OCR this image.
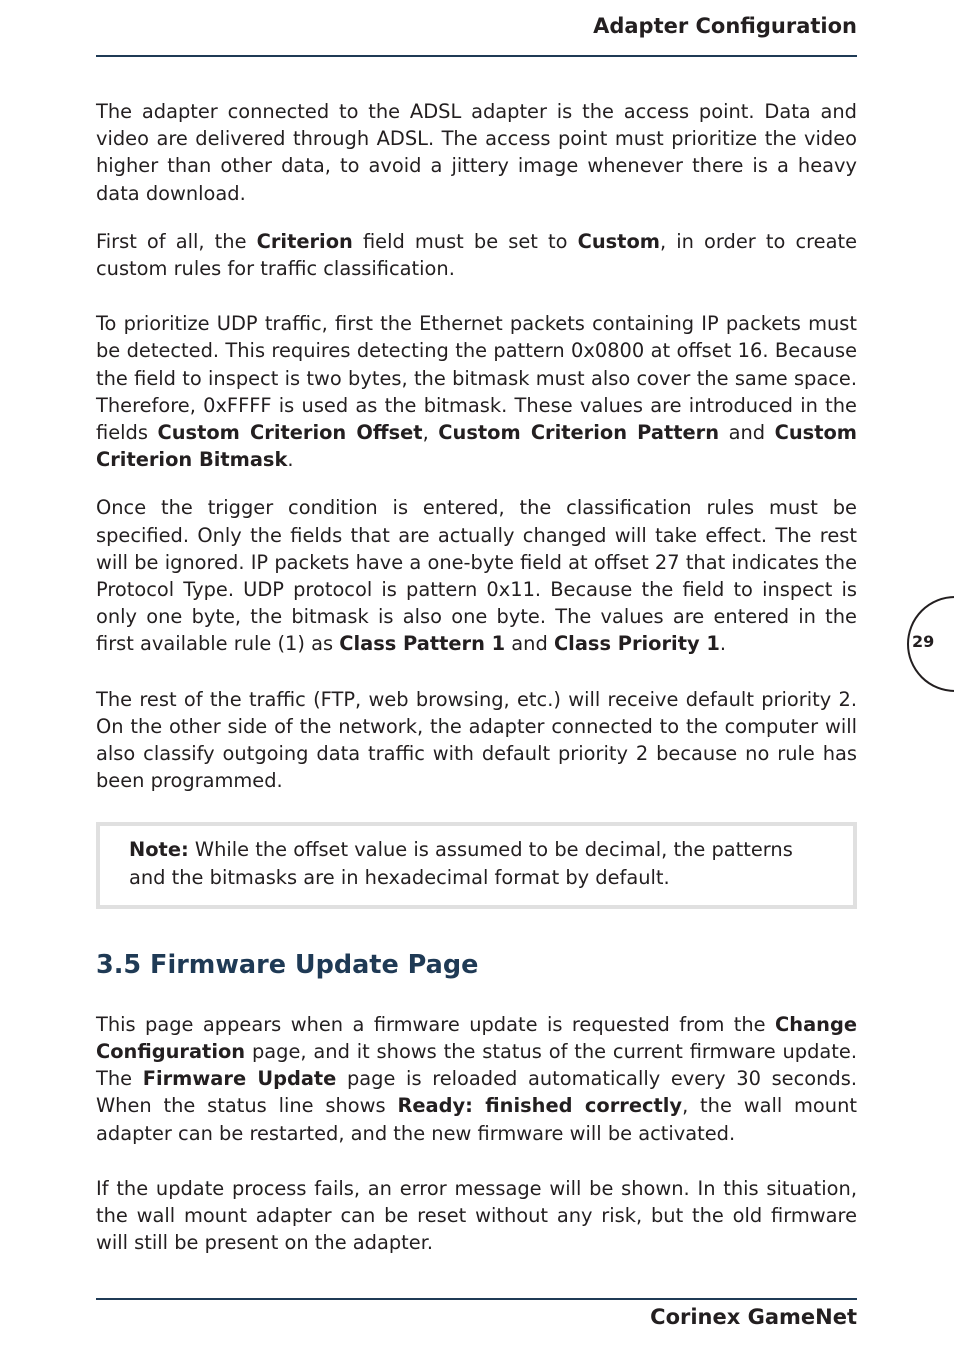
Adapter Configuration
29

The adapter connected to the ADSL adapter is the access point. Data and video are delivered through ADSL. The access point must prioritize the video higher than other data, to avoid a jittery image whenever there is a heavy data download.

First of all, the Criterion field must be set to Custom, in order to create custom rules for traffic classification.

To prioritize UDP traffic, first the Ethernet packets containing IP packets must be detected. This requires detecting the pattern 0x0800 at offset 16. Because the field to inspect is two bytes, the bitmask must also cover the same space. Therefore, 0xFFFF is used as the bitmask. These values are introduced in the fields Custom Criterion Offset, Custom Criterion Pattern and Custom Criterion Bitmask.

Once the trigger condition is entered, the classification rules must be specified. Only the fields that are actually changed will take effect. The rest will be ignored. IP packets have a one-byte field at offset 27 that indicates the Protocol Type. UDP protocol is pattern 0x11. Because the field to inspect is only one byte, the bitmask is also one byte. The values are entered in the first available rule (1) as Class Pattern 1 and Class Priority 1.

The rest of the traffic (FTP, web browsing, etc.) will receive default priority 2. On the other side of the network, the adapter connected to the computer will also classify outgoing data traffic with default priority 2 because no rule has been programmed.

Note: While the offset value is assumed to be decimal, the patterns and the bitmasks are in hexadecimal format by default.

3.5 Firmware Update Page

This page appears when a firmware update is requested from the Change Configuration page, and it shows the status of the current firmware update. The Firmware Update page is reloaded automatically every 30 seconds. When the status line shows Ready: finished correctly, the wall mount adapter can be restarted, and the new firmware will be activated.

If the update process fails, an error message will be shown. In this situation, the wall mount adapter can be reset without any risk, but the old firmware will still be present on the adapter.

Corinex GameNet
